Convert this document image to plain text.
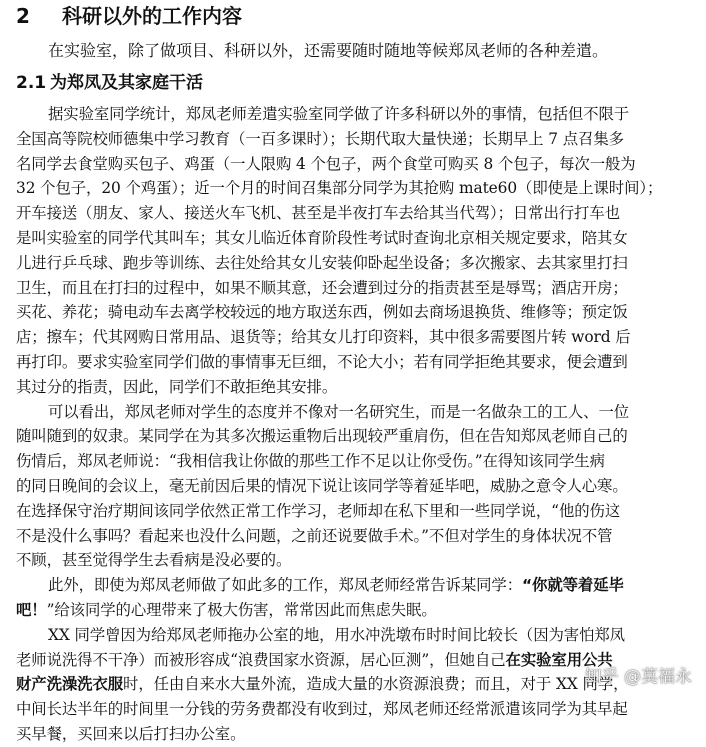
2 科研以外的工作内容
在实验室，除了做项目、科研以外，还需要随时随地等候郑凤老师的各种差遣。
2.1 为郑凤及其家庭干活
据实验室同学统计，郑凤老师差遣实验室同学做了许多科研以外的事情，包括但不限于
全国高等院校师德集中学习教育（一百多课时）；长期代取大量快递；长期早上 7 点召集多
名同学去食堂购买包子、鸡蛋（一人限购 4 个包子，两个食堂可购买 8 个包子，每次一般为
32 个包子，20 个鸡蛋）；近一个月的时间召集部分同学为其抢购 mate60（即使是上课时间）；
开车接送（朋友、家人、接送火车飞机、甚至是半夜打车去给其当代驾）；日常出行打车也
是叫实验室的同学代其叫车；其女儿临近体育阶段性考试时查询北京相关规定要求，陪其女
儿进行乒乓球、跑步等训练、去往处给其女儿安装仰卧起坐设备；多次搬家、去其家里打扫
卫生，而且在打扫的过程中，如果不顺其意，还会遭到过分的指责甚至是辱骂；酒店开房；
买花、养花；骑电动车去离学校较远的地方取送东西，例如去商场退换货、维修等；预定饭
店；擦车；代其网购日常用品、退货等；给其女儿打印资料，其中很多需要图片转 word 后
再打印。要求实验室同学们做的事情事无巨细，不论大小；若有同学拒绝其要求，便会遭到
其过分的指责，因此，同学们不敢拒绝其安排。
可以看出，郑凤老师对学生的态度并不像对一名研究生，而是一名做杂工的工人、一位
随叫随到的奴隶。某同学在为其多次搬运重物后出现较严重肩伤，但在告知郑凤老师自己的
伤情后，郑凤老师说：“我相信我让你做的那些工作不足以让你受伤。”在得知该同学生病
的同日晚间的会议上，毫无前因后果的情况下说让该同学等着延毕吧，威胁之意令人心寒。
在选择保守治疗期间该同学依然正常工作学习，老师却在私下里和一些同学说，“他的伤这
不是没什么事吗？看起来也没什么问题，之前还说要做手术。”不但对学生的身体状况不管
不顾，甚至觉得学生去看病是没必要的。
此外，即使为郑凤老师做了如此多的工作，郑凤老师经常告诉某同学：“你就等着延毕
吧！”给该同学的心理带来了极大伤害，常常因此而焦虑失眠。
XX 同学曾因为给郑凤老师拖办公室的地，用水冲洗墩布时时间比较长（因为害怕郑凤
老师说洗得不干净）而被形容成“浪费国家水资源，居心叵测”，但她自己在实验室用公共
财产洗澡洗衣服时，任由自来水大量外流，造成大量的水资源浪费；而且，对于 XX 同学，
中间长达半年的时间里一分钱的劳务费都没有收到过，郑凤老师还经常派遣该同学为其早起
买早餐，买回来以后打扫办公室。
知乎 @莫福永
